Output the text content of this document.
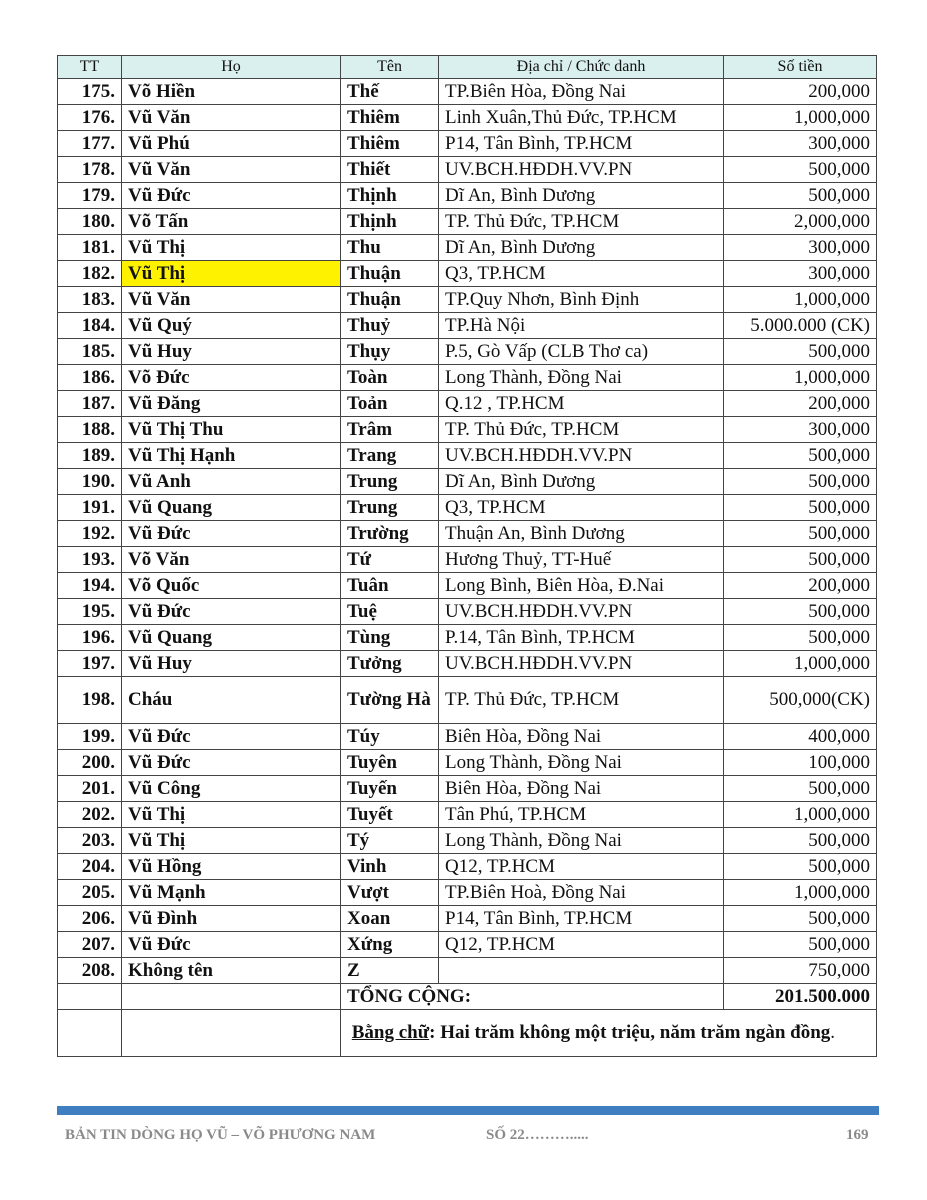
TT	Họ	Tên	Địa chỉ / Chức danh	Số tiền
175.	Võ Hiền	Thế	TP.Biên Hòa, Đồng Nai	200,000
176.	Vũ Văn	Thiêm	Linh Xuân,Thủ Đức, TP.HCM	1,000,000
177.	Vũ Phú	Thiêm	P14, Tân Bình, TP.HCM	300,000
178.	Vũ Văn	Thiết	UV.BCH.HĐDH.VV.PN	500,000
179.	Vũ Đức	Thịnh	Dĩ An, Bình Dương	500,000
180.	Võ Tấn	Thịnh	TP. Thủ Đức, TP.HCM	2,000,000
181.	Vũ Thị	Thu	Dĩ An, Bình Dương	300,000
182.	Vũ Thị	Thuận	Q3, TP.HCM	300,000
183.	Vũ Văn	Thuận	TP.Quy Nhơn, Bình Định	1,000,000
184.	Vũ Quý	Thuỷ	TP.Hà Nội	5.000.000 (CK)
185.	Vũ Huy	Thụy	P.5, Gò Vấp (CLB Thơ ca)	500,000
186.	Võ Đức	Toàn	Long Thành, Đồng Nai	1,000,000
187.	Vũ Đăng	Toản	Q.12 , TP.HCM	200,000
188.	Vũ Thị Thu	Trâm	TP. Thủ Đức, TP.HCM	300,000
189.	Vũ Thị Hạnh	Trang	UV.BCH.HĐDH.VV.PN	500,000
190.	Vũ Anh	Trung	Dĩ An, Bình Dương	500,000
191.	Vũ Quang	Trung	Q3, TP.HCM	500,000
192.	Vũ Đức	Trường	Thuận An, Bình Dương	500,000
193.	Võ Văn	Tứ	Hương Thuỷ, TT-Huế	500,000
194.	Võ Quốc	Tuân	Long Bình, Biên Hòa, Đ.Nai	200,000
195.	Vũ Đức	Tuệ	UV.BCH.HĐDH.VV.PN	500,000
196.	Vũ Quang	Tùng	P.14, Tân Bình, TP.HCM	500,000
197.	Vũ Huy	Tưởng	UV.BCH.HĐDH.VV.PN	1,000,000
198.	Cháu	Tường Hà	TP. Thủ Đức, TP.HCM	500,000(CK)
199.	Vũ Đức	Túy	Biên Hòa, Đồng Nai	400,000
200.	Vũ Đức	Tuyên	Long Thành, Đồng Nai	100,000
201.	Vũ Công	Tuyến	Biên Hòa, Đồng Nai	500,000
202.	Vũ Thị	Tuyết	Tân Phú, TP.HCM	1,000,000
203.	Vũ Thị	Tý	Long Thành, Đồng Nai	500,000
204.	Vũ Hồng	Vinh	Q12, TP.HCM	500,000
205.	Vũ Mạnh	Vượt	TP.Biên Hoà, Đồng Nai	1,000,000
206.	Vũ Đình	Xoan	P14, Tân Bình, TP.HCM	500,000
207.	Vũ Đức	Xứng	Q12, TP.HCM	500,000
208.	Không tên	Z		750,000
		TỔNG CỘNG:		201.500.000
		Bằng chữ: Hai trăm không một triệu, năm trăm ngàn đồng.		
BẢN TIN DÒNG HỌ VŨ – VÕ PHƯƠNG NAM	SỐ 22……….....	169
